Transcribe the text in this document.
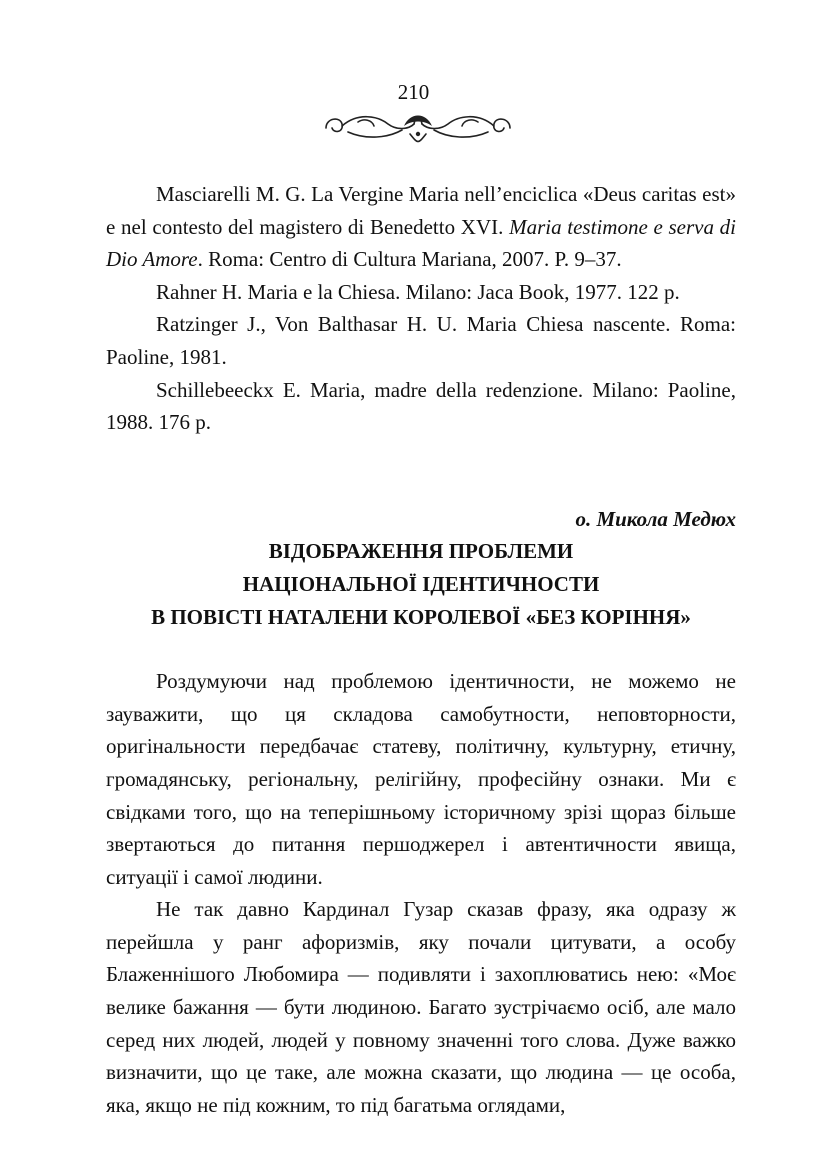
210

Masciarelli M. G. La Vergine Maria nell’enciclica «Deus caritas est» e nel contesto del magistero di Benedetto XVI. Maria testimone e serva di Dio Amore. Roma: Centro di Cultura Mariana, 2007. P. 9–37.

Rahner H. Maria e la Chiesa. Milano: Jaca Book, 1977. 122 p.

Ratzinger J., Von Balthasar H. U. Maria Chiesa nascente. Roma: Paoline, 1981.

Schillebeeckx E. Maria, madre della redenzione. Milano: Paoline, 1988. 176 p.

о. Микола Медюх

ВІДОБРАЖЕННЯ ПРОБЛЕМИ
НАЦІОНАЛЬНОЇ ІДЕНТИЧНОСТИ
В ПОВІСТІ НАТАЛЕНИ КОРОЛЕВОЇ «БЕЗ КОРІННЯ»

Роздумуючи над проблемою ідентичности, не можемо не зауважити, що ця складова самобутности, неповторности, оригінальности передбачає статеву, політичну, культурну, етичну, громадянську, регіональну, релігійну, професійну ознаки. Ми є свідками того, що на теперішньому історичному зрізі щораз більше звертаються до питання першоджерел і автентичности явища, ситуації і самої людини.

Не так давно Кардинал Гузар сказав фразу, яка одразу ж перейшла у ранг афоризмів, яку почали цитувати, а особу Блаженнішого Любомира — подивляти і захоплюватись нею: «Моє велике бажання — бути людиною. Багато зустрічаємо осіб, але мало серед них людей, людей у повному значенні того слова. Дуже важко визначити, що це таке, але можна сказати, що людина — це особа, яка, якщо не під кожним, то під багатьма оглядами,
